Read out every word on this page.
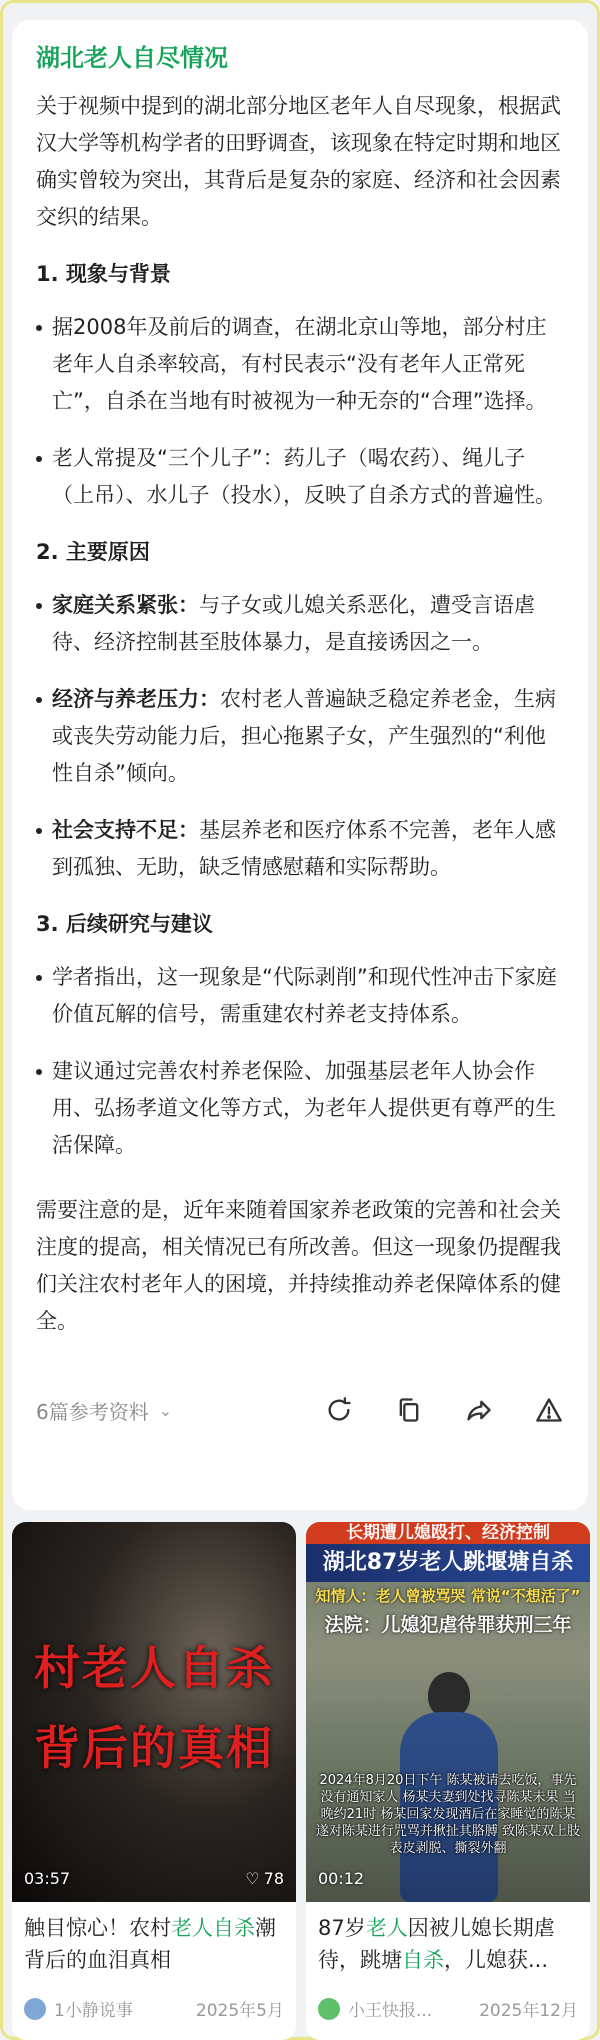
湖北老人自尽情况

关于视频中提到的湖北部分地区老年人自尽现象，根据武汉大学等机构学者的田野调查，该现象在特定时期和地区确实曾较为突出，其背后是复杂的家庭、经济和社会因素交织的结果。

1. 现象与背景
据2008年及前后的调查，在湖北京山等地，部分村庄老年人自杀率较高，有村民表示“没有老年人正常死亡”，自杀在当地有时被视为一种无奈的“合理”选择。
老人常提及“三个儿子”：药儿子（喝农药）、绳儿子（上吊）、水儿子（投水），反映了自杀方式的普遍性。
2. 主要原因
家庭关系紧张：与子女或儿媳关系恶化，遭受言语虐待、经济控制甚至肢体暴力，是直接诱因之一。
经济与养老压力：农村老人普遍缺乏稳定养老金，生病或丧失劳动能力后，担心拖累子女，产生强烈的“利他性自杀”倾向。
社会支持不足：基层养老和医疗体系不完善，老年人感到孤独、无助，缺乏情感慰藉和实际帮助。
3. 后续研究与建议
学者指出，这一现象是“代际剥削”和现代性冲击下家庭价值瓦解的信号，需重建农村养老支持体系。
建议通过完善农村养老保险、加强基层老年人协会作用、弘扬孝道文化等方式，为老年人提供更有尊严的生活保障。

需要注意的是，近年来随着国家养老政策的完善和社会关注度的提高，相关情况已有所改善。但这一现象仍提醒我们关注农村老年人的困境，并持续推动养老保障体系的健全。

6篇参考资料 ⌄
村老人自杀
背后的真相
03:57	♡ 78
触目惊心！农村老人自杀潮背后的血泪真相
1小静说事	2025年5月
长期遭儿媳殴打、经济控制
湖北87岁老人跳堰塘自杀
知情人：老人曾被骂哭 常说“不想活了”
法院：儿媳犯虐待罪获刑三年
2024年8月20日下午 陈某被请去吃饭，事先没有通知家人 杨某夫妻到处找寻陈某未果 当晚约21时 杨某回家发现酒后在家睡觉的陈某 遂对陈某进行咒骂并揪扯其胳膊 致陈某双上肢表皮剥脱、撕裂外翻
00:12
87岁老人因被儿媳长期虐待，跳塘自杀，儿媳获...
小王快报...	2025年12月
